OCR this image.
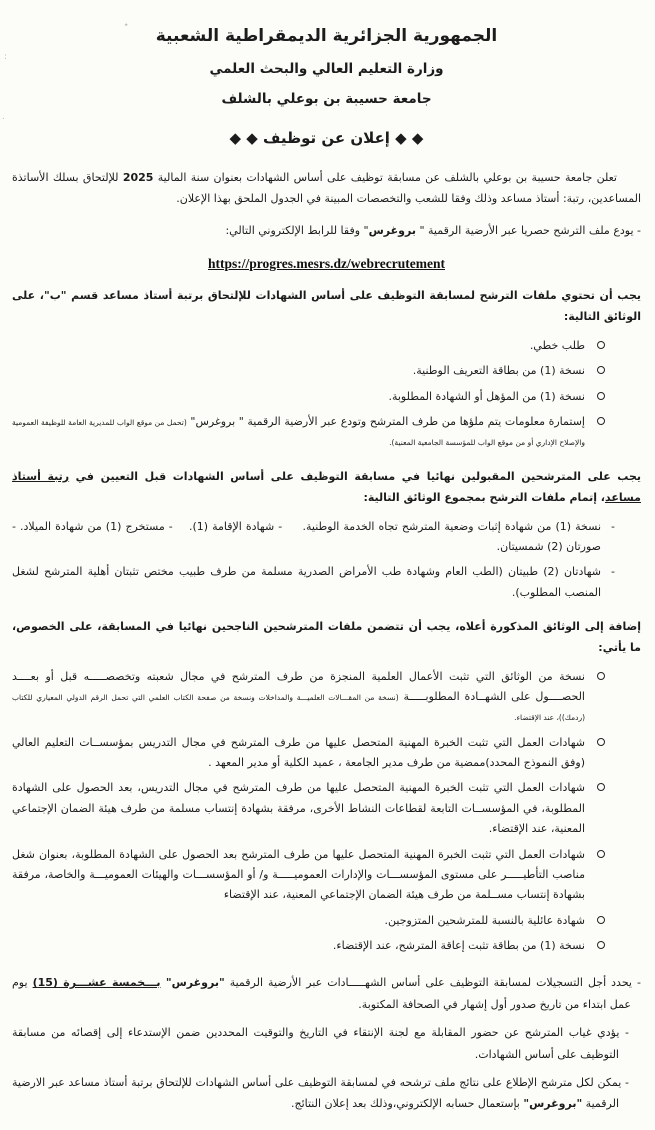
:
٭
.
الجمهورية الجزائرية الديمقراطية الشعبية
وزارة التعليم العالي والبحث العلمي
جامعة حسيبة بن بوعلي بالشلف
◆ ◆ إعلان عن توظيف ◆ ◆

تعلن جامعة حسيبة بن بوعلي بالشلف عن مسابقة توظيف على أساس الشهادات بعنوان سنة المالية 2025 للإلتحاق بسلك الأساتذة المساعدين، رتبة: أستاذ مساعد وذلك وفقا للشعب والتخصصات المبينة في الجدول الملحق بهذا الإعلان.

- يودع ملف الترشح حصريا عبر الأرضية الرقمية " بروغرس" وفقا للرابط الإلكتروني التالي:

https://progres.mesrs.dz/webrecrutement

يجب أن تحتوي ملفات الترشح لمسابقة التوظيف على أساس الشهادات للإلتحاق برتبة أستاذ مساعد قسم "ب"، على الوثائق التالية:

طلب خطي.
نسخة (1) من بطاقة التعريف الوطنية.
نسخة (1) من المؤهل أو الشهادة المطلوبة.
إستمارة معلومات يتم ملؤها من طرف المترشح وتودع عبر الأرضية الرقمية " بروغرس" (تحمل من موقع الواب للمديرية العامة للوظيفة العمومية والإصلاح الإداري أو من موقع الواب للمؤسسة الجامعية المعنية).

يجب على المترشحين المقبولين نهائيا في مسابقة التوظيف على أساس الشهادات قبل التعيين في رتبة أستاذ مساعد، إتمام ملفات الترشح بمجموع الوثائق التالية:

-
نسخة (1) من شهادة إثبات وضعية المترشح تجاه الخدمة الوطنية.     - شهادة الإقامة (1).    - مستخرج (1) من شهادة الميلاد. - صورتان (2) شمسيتان.
-
شهادتان (2) طبيتان (الطب العام وشهادة طب الأمراض الصدرية مسلمة من طرف طبيب مختص تثبتان أهلية المترشح لشغل المنصب المطلوب).

إضافة إلى الوثائق المذكورة أعلاه، يجب أن تتضمن ملفات المترشحين الناجحين نهائيا في المسابقة، على الخصوص، ما يأتي:

نسخة من الوثائق التي تثبت الأعمال العلمية المنجزة من طرف المترشح في مجال شعبته وتخصصـــــه قبل أو بعــــد الحصــــول على الشهــادة المطلوبـــــة (نسخة من المقـــالات العلميـــة والمداخلات ونسخة من صفحة الكتاب العلمي التي تحمل الرقم الدولي المعياري للكتاب (ردمك))، عند الإقتضاء.
شهادات العمل التي تثبت الخبرة المهنية المتحصل عليها من طرف المترشح في مجال التدريس بمؤسســات التعليم العالي (وفق النموذج المحدد)ممضية من طرف مدير الجامعة ، عميد الكلية أو مدير المعهد .
شهادات العمل التي تثبت الخبرة المهنية المتحصل عليها من طرف المترشح في مجال التدريس، بعد الحصول على الشهادة المطلوبة، في المؤسســات التابعة لقطاعات النشاط الأخرى، مرفقة بشهادة إنتساب مسلمة من طرف هيئة الضمان الإجتماعي المعنية، عند الإقتضاء.
شهادات العمل التي تثبت الخبرة المهنية المتحصل عليها من طرف المترشح بعد الحصول على الشهادة المطلوبة، بعنوان شغل مناصب التأطيـــــر على مستوى المؤسســـات والإدارات العموميـــــة و/ أو المؤسســـات والهيئات العموميـــة والخاصة، مرفقة بشهادة إنتساب مســلمة من طرف هيئة الضمان الإجتماعي المعنية، عند الإقتضاء
شهادة عائلية بالنسبة للمترشحين المتزوجين.
نسخة (1) من بطاقة تثبت إعاقة المترشح، عند الإقتضاء.

- يحدد أجل التسجيلات لمسابقة التوظيف على أساس الشهـــــادات عبر الأرضية الرقمية "بروغرس" بـــخمسة عشـــرة (15) يوم عمل ابتداء من تاريخ صدور أول إشهار في الصحافة المكتوبة.

- يؤدي غياب المترشح عن حضور المقابلة مع لجنة الإنتقاء في التاريخ والتوقيت المحددين ضمن الإستدعاء إلى إقصائه من مسابقة التوظيف على أساس الشهادات.

- يمكن لكل مترشح الإطلاع على نتائج ملف ترشحه في لمسابقة التوظيف على أساس الشهادات للإلتحاق برتبة أستاذ مساعد عبر الارضية الرقمية "بروغرس" بإستعمال حسابه الإلكتروني،وذلك بعد إعلان النتائج.
